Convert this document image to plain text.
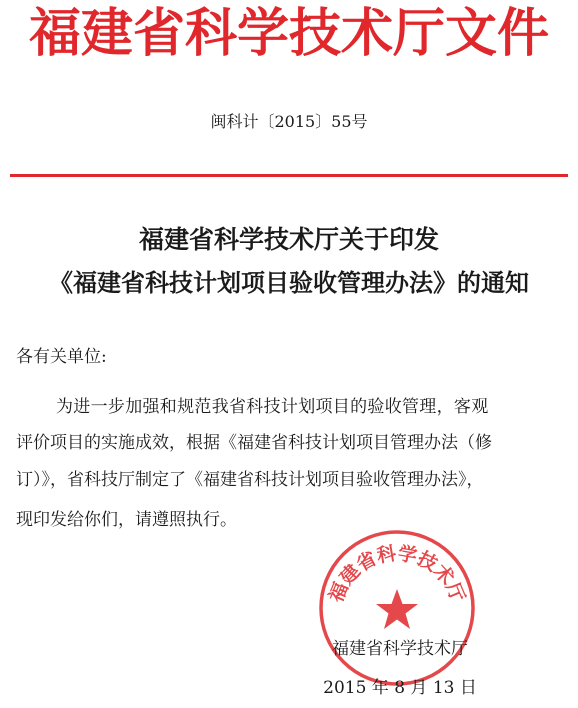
福建省科学技术厅文件
闽科计〔2015〕55号
福建省科学技术厅关于印发
《福建省科技计划项目验收管理办法》的通知
各有关单位:
为进一步加强和规范我省科技计划项目的验收管理，客观
评价项目的实施成效，根据《福建省科技计划项目管理办法（修
订）》，省科技厅制定了《福建省科技计划项目验收管理办法》，
现印发给你们，请遵照执行。
福建省科学技术厅
福建省科学技术厅
2015 年 8 月 13 日
